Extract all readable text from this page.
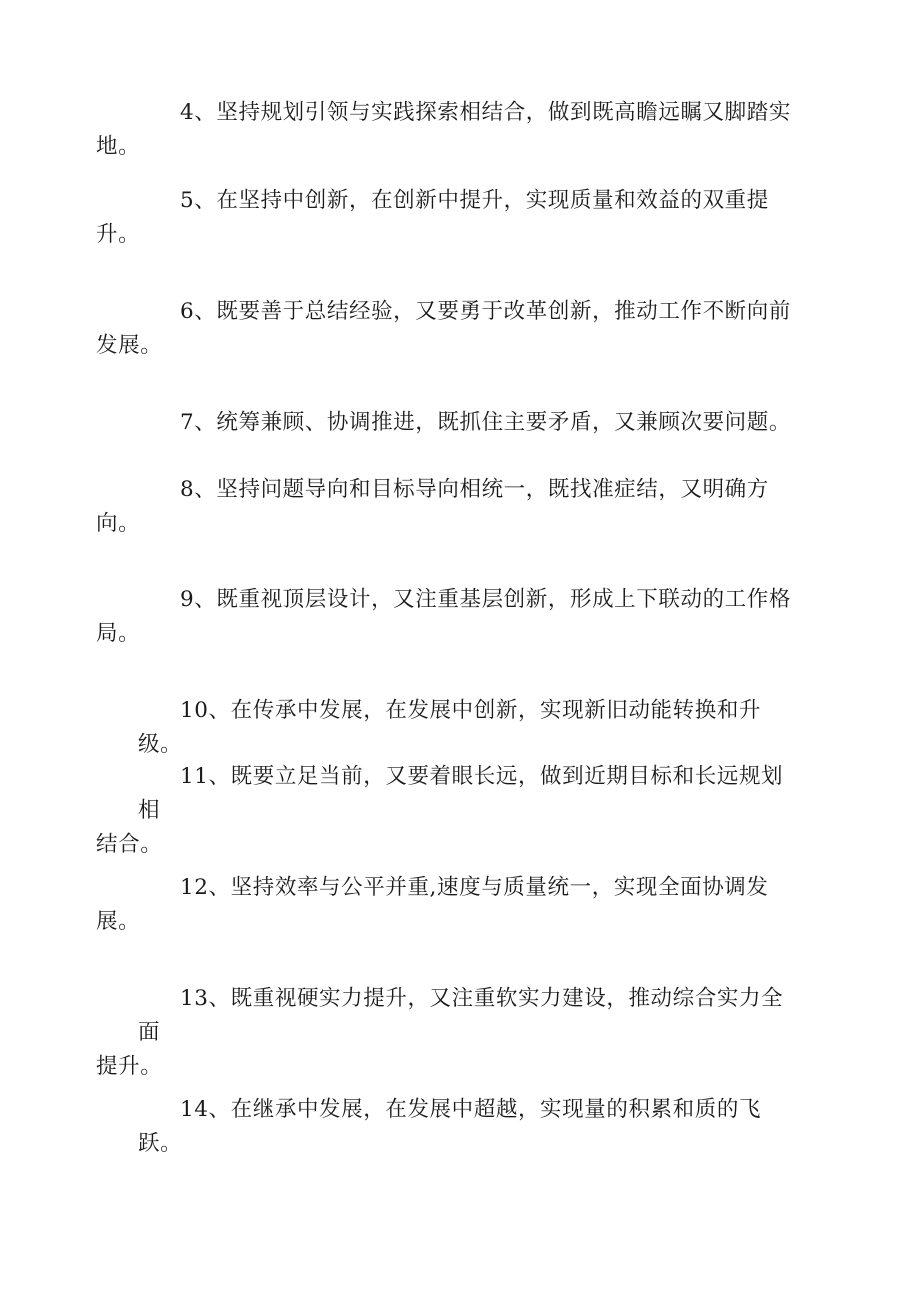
4、坚持规划引领与实践探索相结合，做到既高瞻远瞩又脚踏实
地。

5、在坚持中创新，在创新中提升，实现质量和效益的双重提
升。

6、既要善于总结经验，又要勇于改革创新，推动工作不断向前
发展。

7、统筹兼顾、协调推进，既抓住主要矛盾，又兼顾次要问题。

8、坚持问题导向和目标导向相统一，既找准症结，又明确方
向。

9、既重视顶层设计，又注重基层创新，形成上下联动的工作格
局。

10、在传承中发展，在发展中创新，实现新旧动能转换和升级。

11、既要立足当前，又要着眼长远，做到近期目标和长远规划相
结合。

12、坚持效率与公平并重,速度与质量统一，实现全面协调发
展。

13、既重视硬实力提升，又注重软实力建设，推动综合实力全面
提升。

14、在继承中发展，在发展中超越，实现量的积累和质的飞跃。
